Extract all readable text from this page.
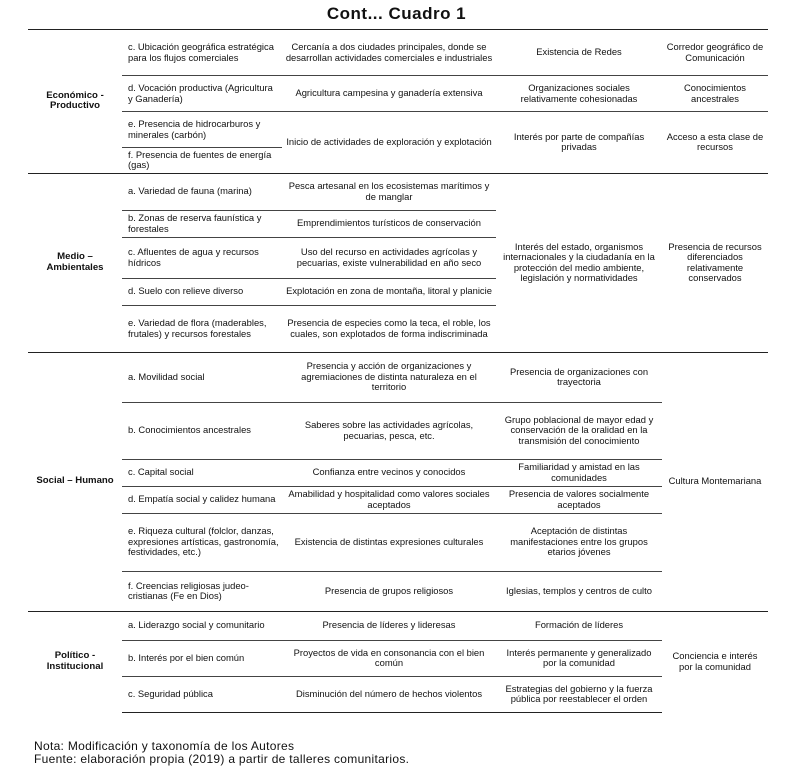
Cont... Cuadro 1
Económico - Productivo	c. Ubicación geográfica estratégica para los flujos comerciales	Cercanía a dos ciudades principales, donde se desarrollan actividades comerciales e industriales	Existencia de Redes	Corredor geográfico de Comunicación
	d. Vocación productiva (Agricultura y Ganadería)	Agricultura campesina y ganadería extensiva	Organizaciones sociales relativamente cohesionadas	Conocimientos ancestrales
	e. Presencia de hidrocarburos y minerales (carbón)	Inicio de actividades de exploración y explotación	Interés por parte de compañías privadas	Acceso a esta clase de recursos
	f. Presencia de fuentes de energía (gas)			

Medio – Ambientales	a. Variedad de fauna (marina)	Pesca artesanal en los ecosistemas marítimos y de manglar	Interés del estado, organismos internacionales y la ciudadanía en la protección del medio ambiente, legislación y normatividades	Presencia de recursos diferenciados relativamente conservados
	b. Zonas de reserva faunística y forestales	Emprendimientos turísticos de conservación		
	c. Afluentes de agua y recursos hídricos	Uso del recurso en actividades agrícolas y pecuarias, existe vulnerabilidad en año seco		
	d. Suelo con relieve diverso	Explotación en zona de montaña, litoral y planicie		
	e. Variedad de flora (maderables, frutales) y recursos forestales	Presencia de especies como la teca, el roble, los cuales, son explotados de forma indiscriminada		
Social – Humano	a. Movilidad social	Presencia y acción de organizaciones y agremiaciones de distinta naturaleza en el territorio	Presencia de organizaciones con trayectoria	Cultura Montemariana
	b. Conocimientos ancestrales	Saberes sobre las actividades agrícolas, pecuarias, pesca, etc.	Grupo poblacional de mayor edad y conservación de la oralidad en la transmisión del conocimiento	
	c. Capital social	Confianza entre vecinos y conocidos	Familiaridad y amistad en las comunidades	
	d. Empatía social y calidez humana	Amabilidad y hospitalidad como valores sociales aceptados	Presencia de valores socialmente aceptados	
	e. Riqueza cultural (folclor, danzas, expresiones artísticas, gastronomía, festividades, etc.)	Existencia de distintas expresiones culturales	Aceptación de distintas manifestaciones entre los grupos etarios jóvenes	
	f. Creencias religiosas judeo-cristianas (Fe en Dios)	Presencia de grupos religiosos	Iglesias, templos y centros de culto	
Político - Institucional	a. Liderazgo social y comunitario	Presencia de líderes y lideresas	Formación de líderes	Conciencia e interés por la comunidad
	b. Interés por el bien común	Proyectos de vida en consonancia con el bien común	Interés permanente y generalizado por la comunidad	
	c. Seguridad pública	Disminución del número de hechos violentos	Estrategias del gobierno y la fuerza pública por reestablecer el orden	
Nota: Modificación y taxonomía de los Autores
Fuente: elaboración propia (2019) a partir de talleres comunitarios.
